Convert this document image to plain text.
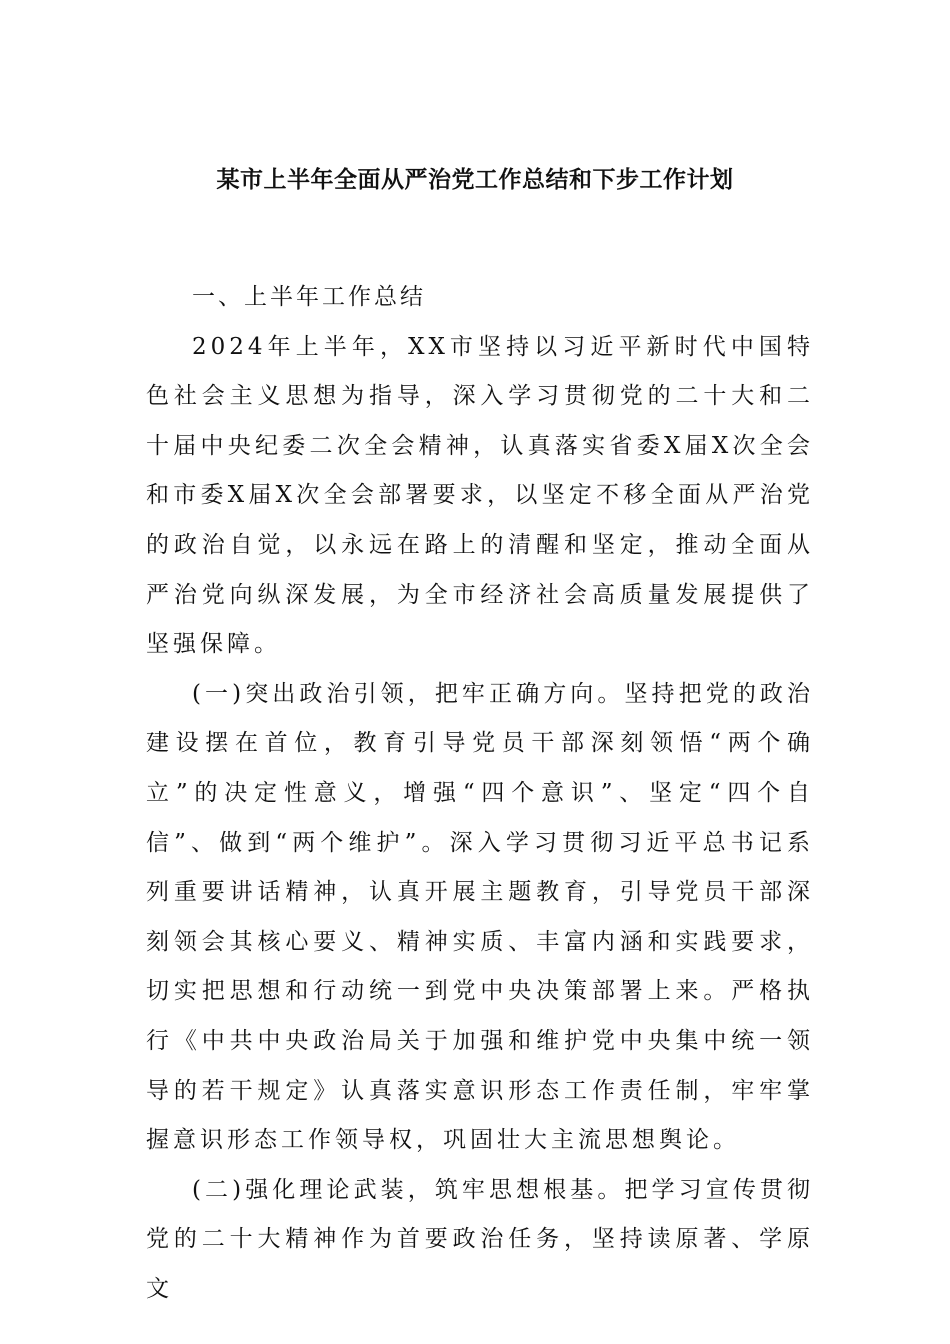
某市上半年全面从严治党工作总结和下步工作计划

一、上半年工作总结

2024年上半年，XX市坚持以习近平新时代中国特色社会主义思想为指导，深入学习贯彻党的二十大和二十届中央纪委二次全会精神，认真落实省委X届X次全会和市委X届X次全会部署要求，以坚定不移全面从严治党的政治自觉，以永远在路上的清醒和坚定，推动全面从严治党向纵深发展，为全市经济社会高质量发展提供了坚强保障。

(一)突出政治引领，把牢正确方向。坚持把党的政治建设摆在首位，教育引导党员干部深刻领悟“两个确立”的决定性意义，增强“四个意识”、坚定“四个自信”、做到“两个维护”。深入学习贯彻习近平总书记系列重要讲话精神，认真开展主题教育，引导党员干部深刻领会其核心要义、精神实质、丰富内涵和实践要求，切实把思想和行动统一到党中央决策部署上来。严格执行《中共中央政治局关于加强和维护党中央集中统一领导的若干规定》认真落实意识形态工作责任制，牢牢掌握意识形态工作领导权，巩固壮大主流思想舆论。

(二)强化理论武装，筑牢思想根基。把学习宣传贯彻党的二十大精神作为首要政治任务，坚持读原著、学原文
